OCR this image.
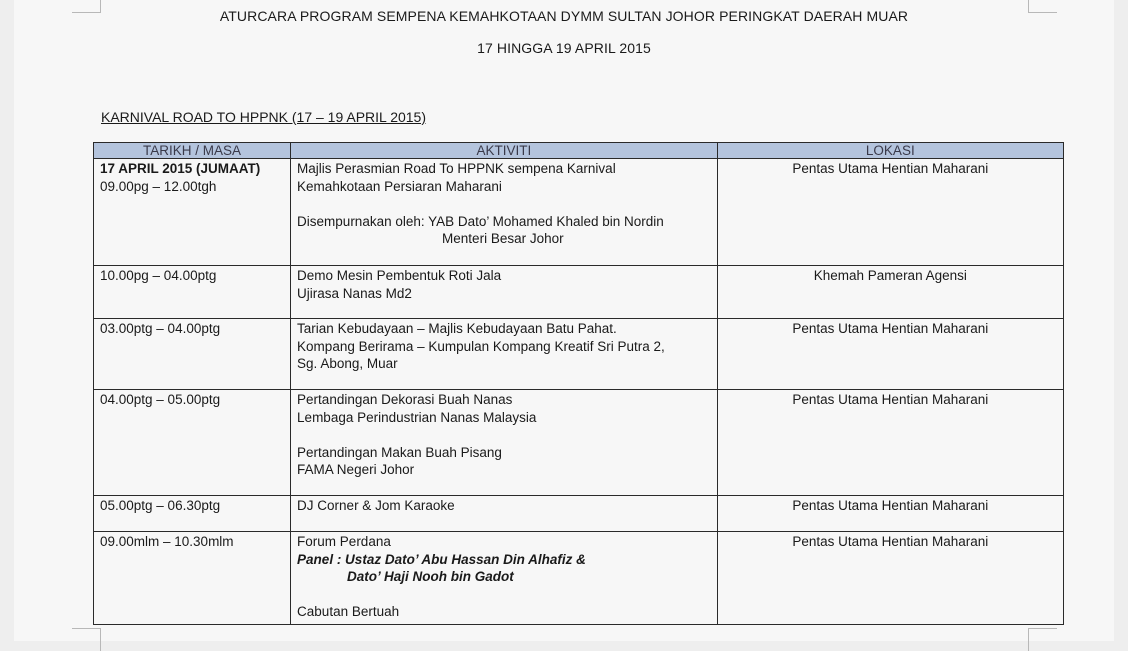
ATURCARA PROGRAM SEMPENA KEMAHKOTAAN DYMM SULTAN JOHOR PERINGKAT DAERAH MUAR
17 HINGGA 19 APRIL 2015
KARNIVAL ROAD TO HPPNK (17 – 19 APRIL 2015)
TARIKH / MASA	AKTIVITI	LOKASI

17 APRIL 2015 (JUMAAT)
09.00pg – 12.00tgh	Majlis Perasmian Road To HPPNK sempena Karnival
Kemahkotaan Persiaran Maharani
Disempurnakan oleh: YAB Dato’ Mohamed Khaled bin Nordin
Menteri Besar Johor	Pentas Utama Hentian Maharani
10.00pg – 04.00ptg	Demo Mesin Pembentuk Roti Jala
Ujirasa Nanas Md2	Khemah Pameran Agensi
03.00ptg – 04.00ptg	Tarian Kebudayaan – Majlis Kebudayaan Batu Pahat.
Kompang Berirama – Kumpulan Kompang Kreatif Sri Putra 2,
Sg. Abong, Muar	Pentas Utama Hentian Maharani
04.00ptg – 05.00ptg	Pertandingan Dekorasi Buah Nanas
Lembaga Perindustrian Nanas Malaysia
Pertandingan Makan Buah Pisang
FAMA Negeri Johor	Pentas Utama Hentian Maharani
05.00ptg – 06.30ptg	DJ Corner & Jom Karaoke	Pentas Utama Hentian Maharani
09.00mlm – 10.30mlm	Forum Perdana
Panel : Ustaz Dato’ Abu Hassan Din Alhafiz &
Dato’ Haji Nooh bin Gadot
Cabutan Bertuah	Pentas Utama Hentian Maharani
